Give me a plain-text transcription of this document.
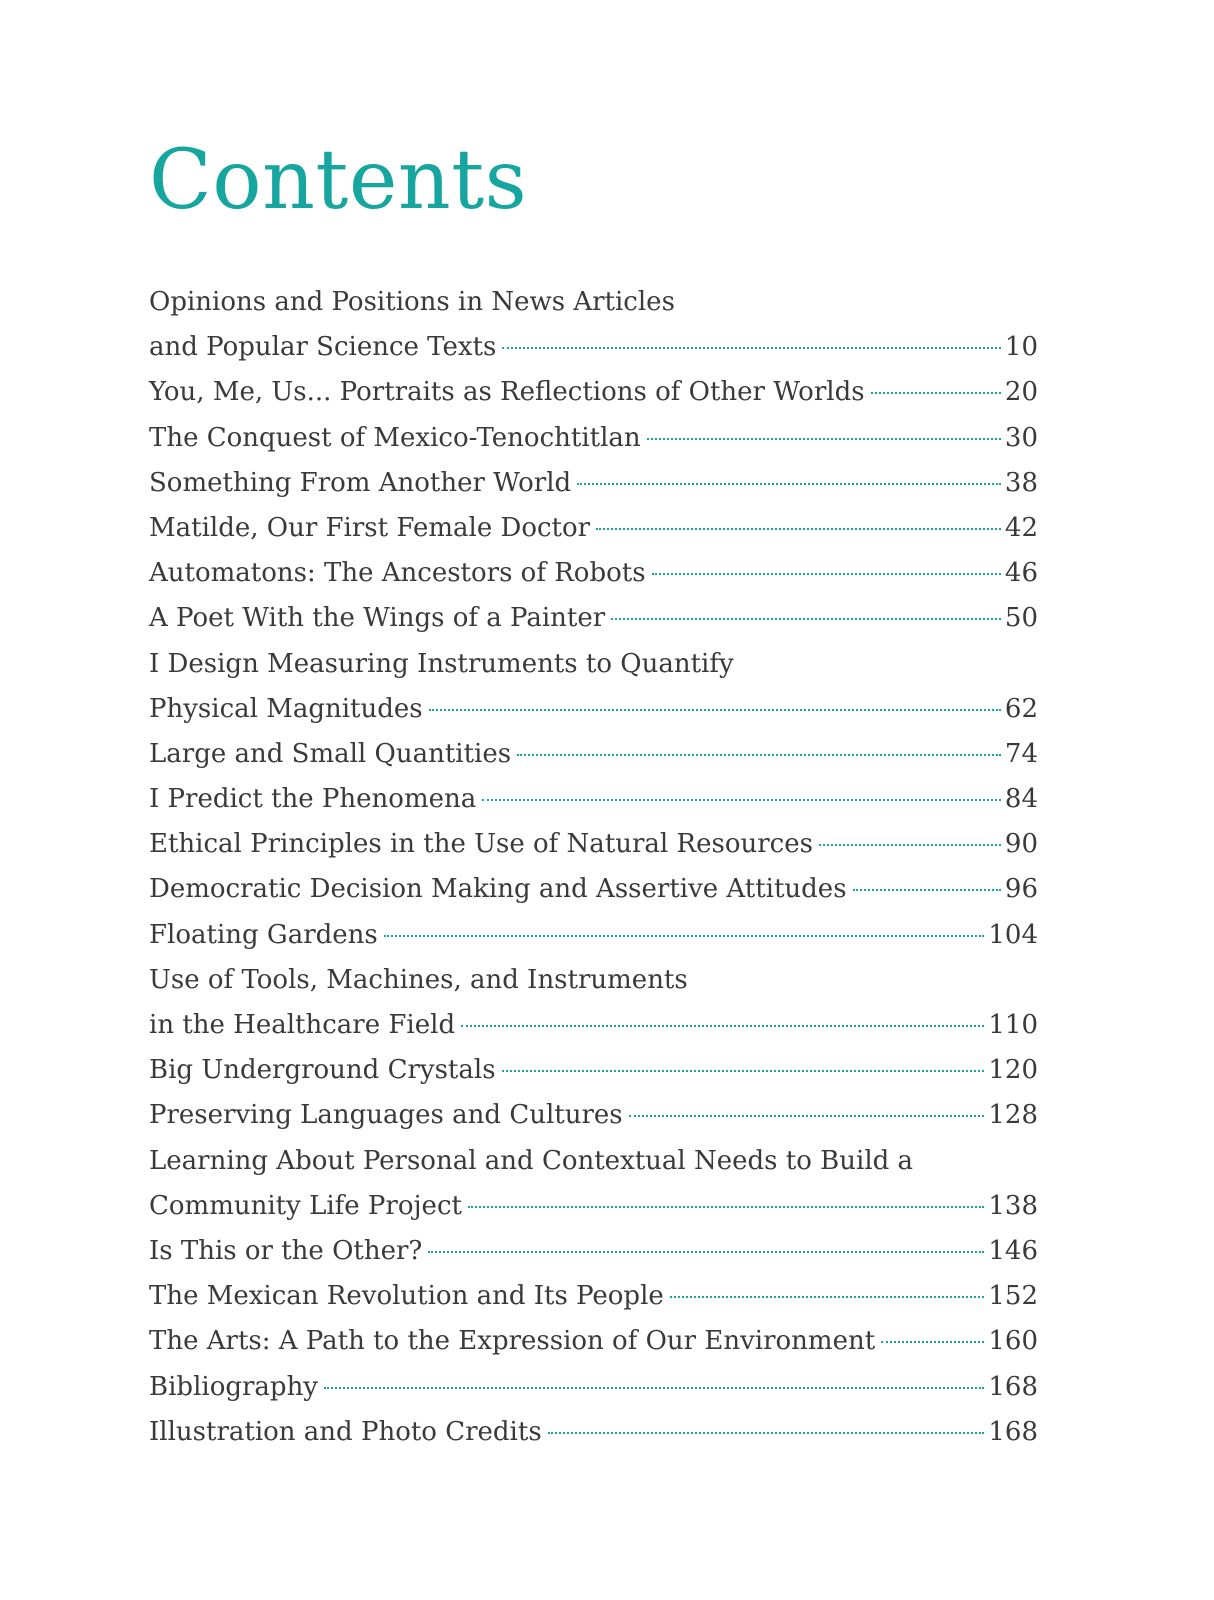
Contents
Opinions and Positions in News Articles
and Popular Science Texts	10
You, Me, Us... Portraits as Reflections of Other Worlds	20
The Conquest of Mexico-Tenochtitlan	30
Something From Another World	38
Matilde, Our First Female Doctor	42
Automatons: The Ancestors of Robots	46
A Poet With the Wings of a Painter	50
I Design Measuring Instruments to Quantify
Physical Magnitudes	62
Large and Small Quantities	74
I Predict the Phenomena	84
Ethical Principles in the Use of Natural Resources	90
Democratic Decision Making and Assertive Attitudes	96
Floating Gardens	104
Use of Tools, Machines, and Instruments
in the Healthcare Field	110
Big Underground Crystals	120
Preserving Languages and Cultures	128
Learning About Personal and Contextual Needs to Build a
Community Life Project	138
Is This or the Other?	146
The Mexican Revolution and Its People	152
The Arts: A Path to the Expression of Our Environment	160
Bibliography	168
Illustration and Photo Credits	168
